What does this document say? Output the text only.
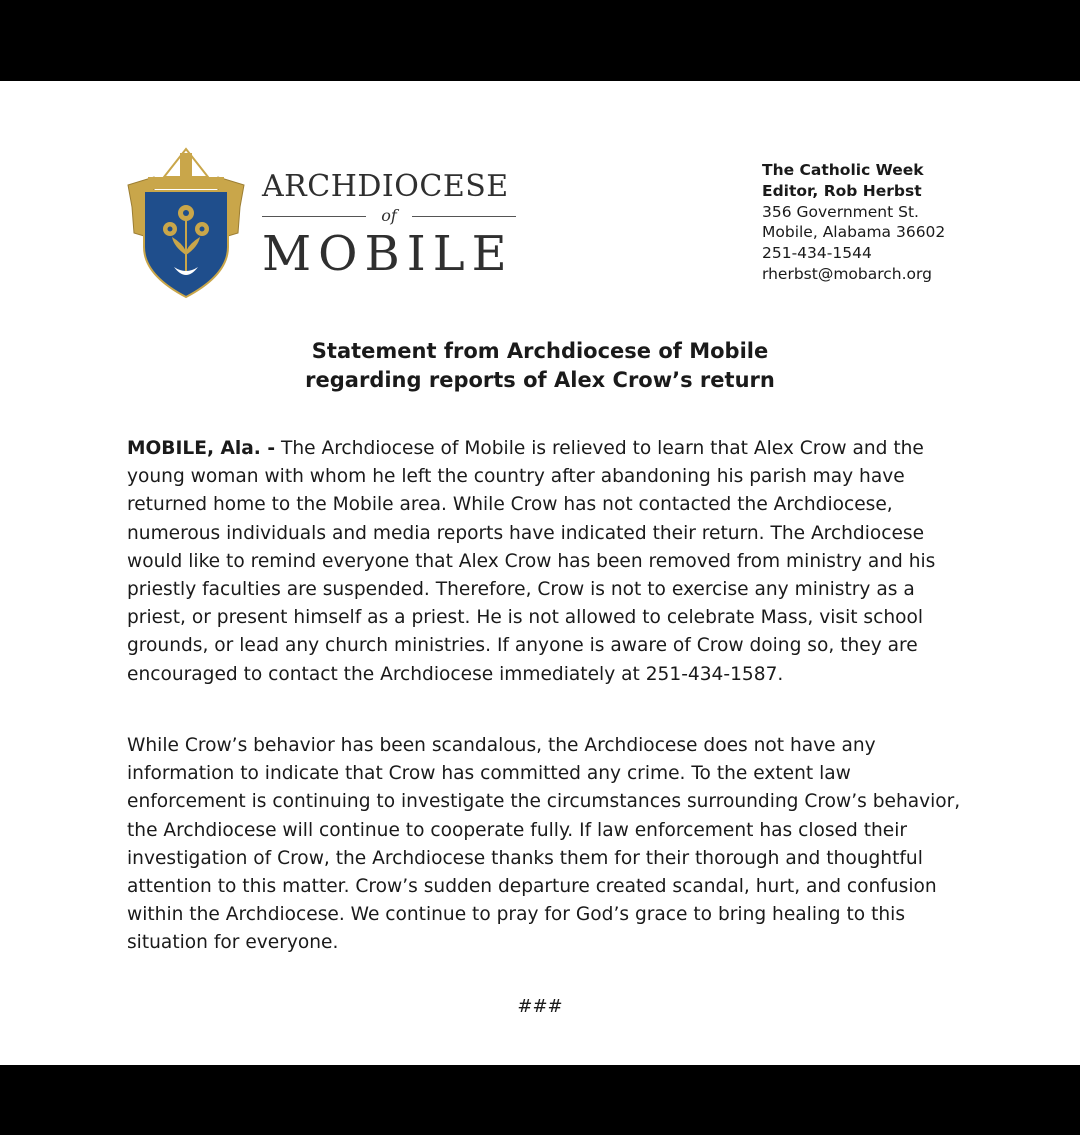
ARCHDIOCESE
of
MOBILE
The Catholic Week
Editor, Rob Herbst
356 Government St.
Mobile, Alabama 36602
251-434-1544
rherbst@mobarch.org
Statement from Archdiocese of Mobile
regarding reports of Alex Crow’s return

MOBILE, Ala. - The Archdiocese of Mobile is relieved to learn that Alex Crow and the young woman with whom he left the country after abandoning his parish may have returned home to the Mobile area. While Crow has not contacted the Archdiocese, numerous individuals and media reports have indicated their return. The Archdiocese would like to remind everyone that Alex Crow has been removed from ministry and his priestly faculties are suspended. Therefore, Crow is not to exercise any ministry as a priest, or present himself as a priest. He is not allowed to celebrate Mass, visit school grounds, or lead any church ministries. If anyone is aware of Crow doing so, they are encouraged to contact the Archdiocese immediately at 251-434-1587.

While Crow’s behavior has been scandalous, the Archdiocese does not have any information to indicate that Crow has committed any crime. To the extent law enforcement is continuing to investigate the circumstances surrounding Crow’s behavior, the Archdiocese will continue to cooperate fully. If law enforcement has closed their investigation of Crow, the Archdiocese thanks them for their thorough and thoughtful attention to this matter. Crow’s sudden departure created scandal, hurt, and confusion within the Archdiocese. We continue to pray for God’s grace to bring healing to this situation for everyone.

###
